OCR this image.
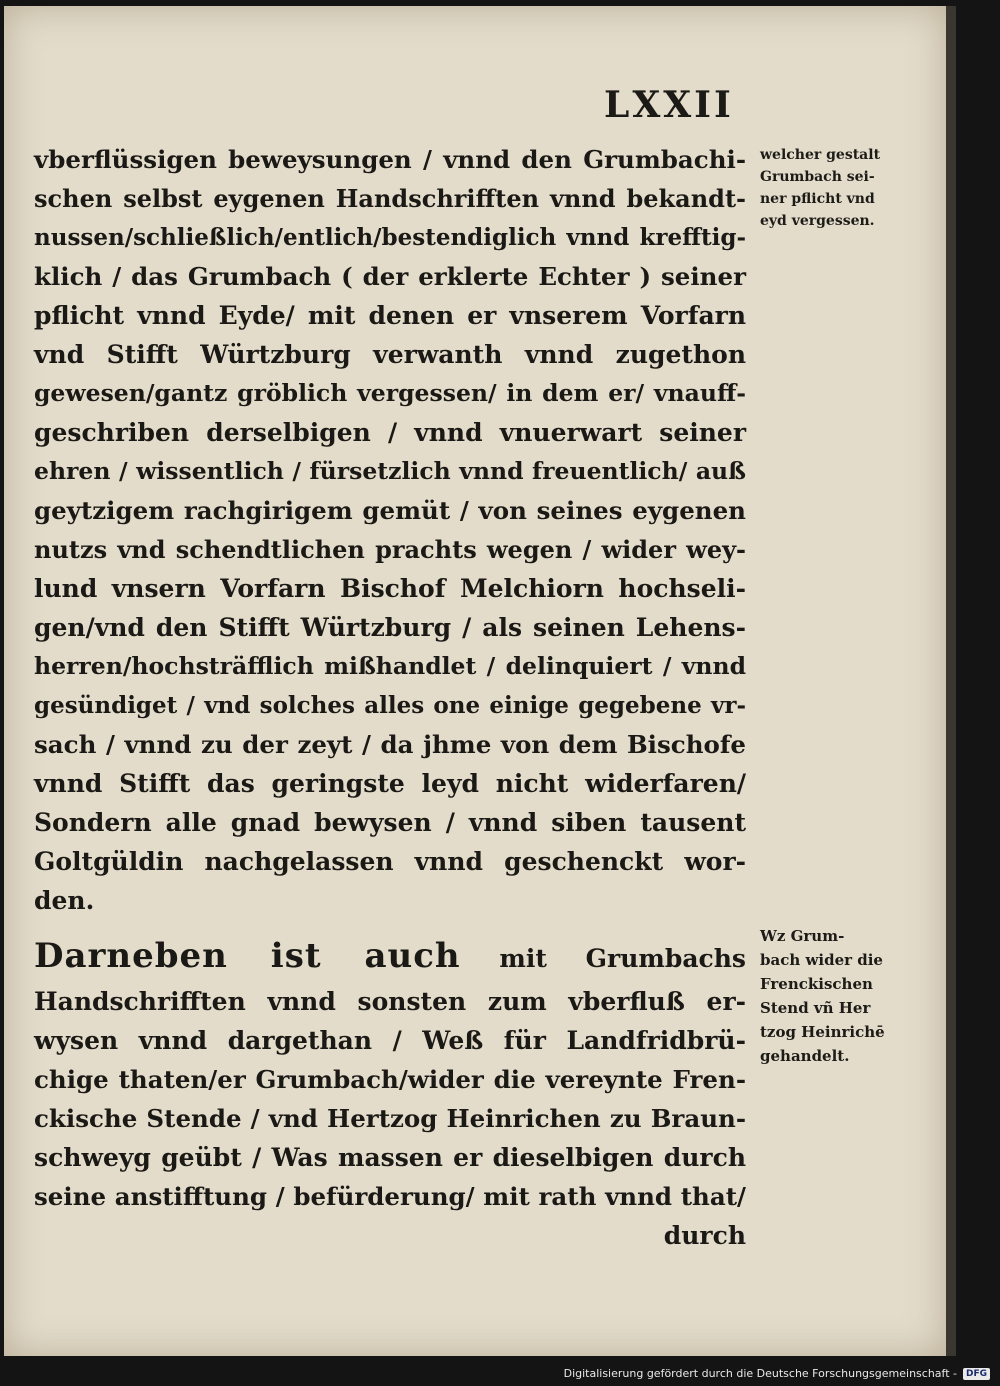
LXXII
vberflüssigen beweysungen / vnnd den Grumbachi-
schen selbst eygenen Handschrifften vnnd bekandt-
nussen/schließlich/entlich/bestendiglich vnnd krefftig-
klich / das Grumbach ( der erklerte Echter ) seiner
pflicht vnnd Eyde/ mit denen er vnserem Vorfarn
vnd Stifft Würtzburg verwanth vnnd zugethon
gewesen/gantz gröblich vergessen/ in dem er/ vnauff-
geschriben derselbigen / vnnd vnuerwart seiner
ehren / wissentlich / fürsetzlich vnnd freuentlich/ auß
geytzigem rachgirigem gemüt / von seines eygenen
nutzs vnd schendtlichen prachts wegen / wider wey-
lund vnsern Vorfarn Bischof Melchiorn hochseli-
gen/vnd den Stifft Würtzburg / als seinen Lehens-
herren/hochsträfflich mißhandlet / delinquiert / vnnd
gesündiget / vnd solches alles one einige gegebene vr-
sach / vnnd zu der zeyt / da jhme von dem Bischofe
vnnd Stifft das geringste leyd nicht widerfaren/
Sondern alle gnad bewysen / vnnd siben tausent
Goltgüldin nachgelassen vnnd geschenckt wor-
den.
welcher gestalt
Grumbach sei-
ner pflicht vnd
eyd vergessen.
Darneben ist auch mit Grumbachs
Handschrifften vnnd sonsten zum vberfluß er-
wysen vnnd dargethan / Weß für Landfridbrü-
chige thaten/er Grumbach/wider die vereynte Fren-
ckische Stende / vnd Hertzog Heinrichen zu Braun-
schweyg geübt / Was massen er dieselbigen durch
seine anstifftung / befürderung/ mit rath vnnd that/
durch
Wz Grum-
bach wider die
Frenckischen
Stend vñ Her
tzog Heinrichē
gehandelt.
Digitalisierung gefördert durch die Deutsche Forschungsgemeinschaft -	DFG
